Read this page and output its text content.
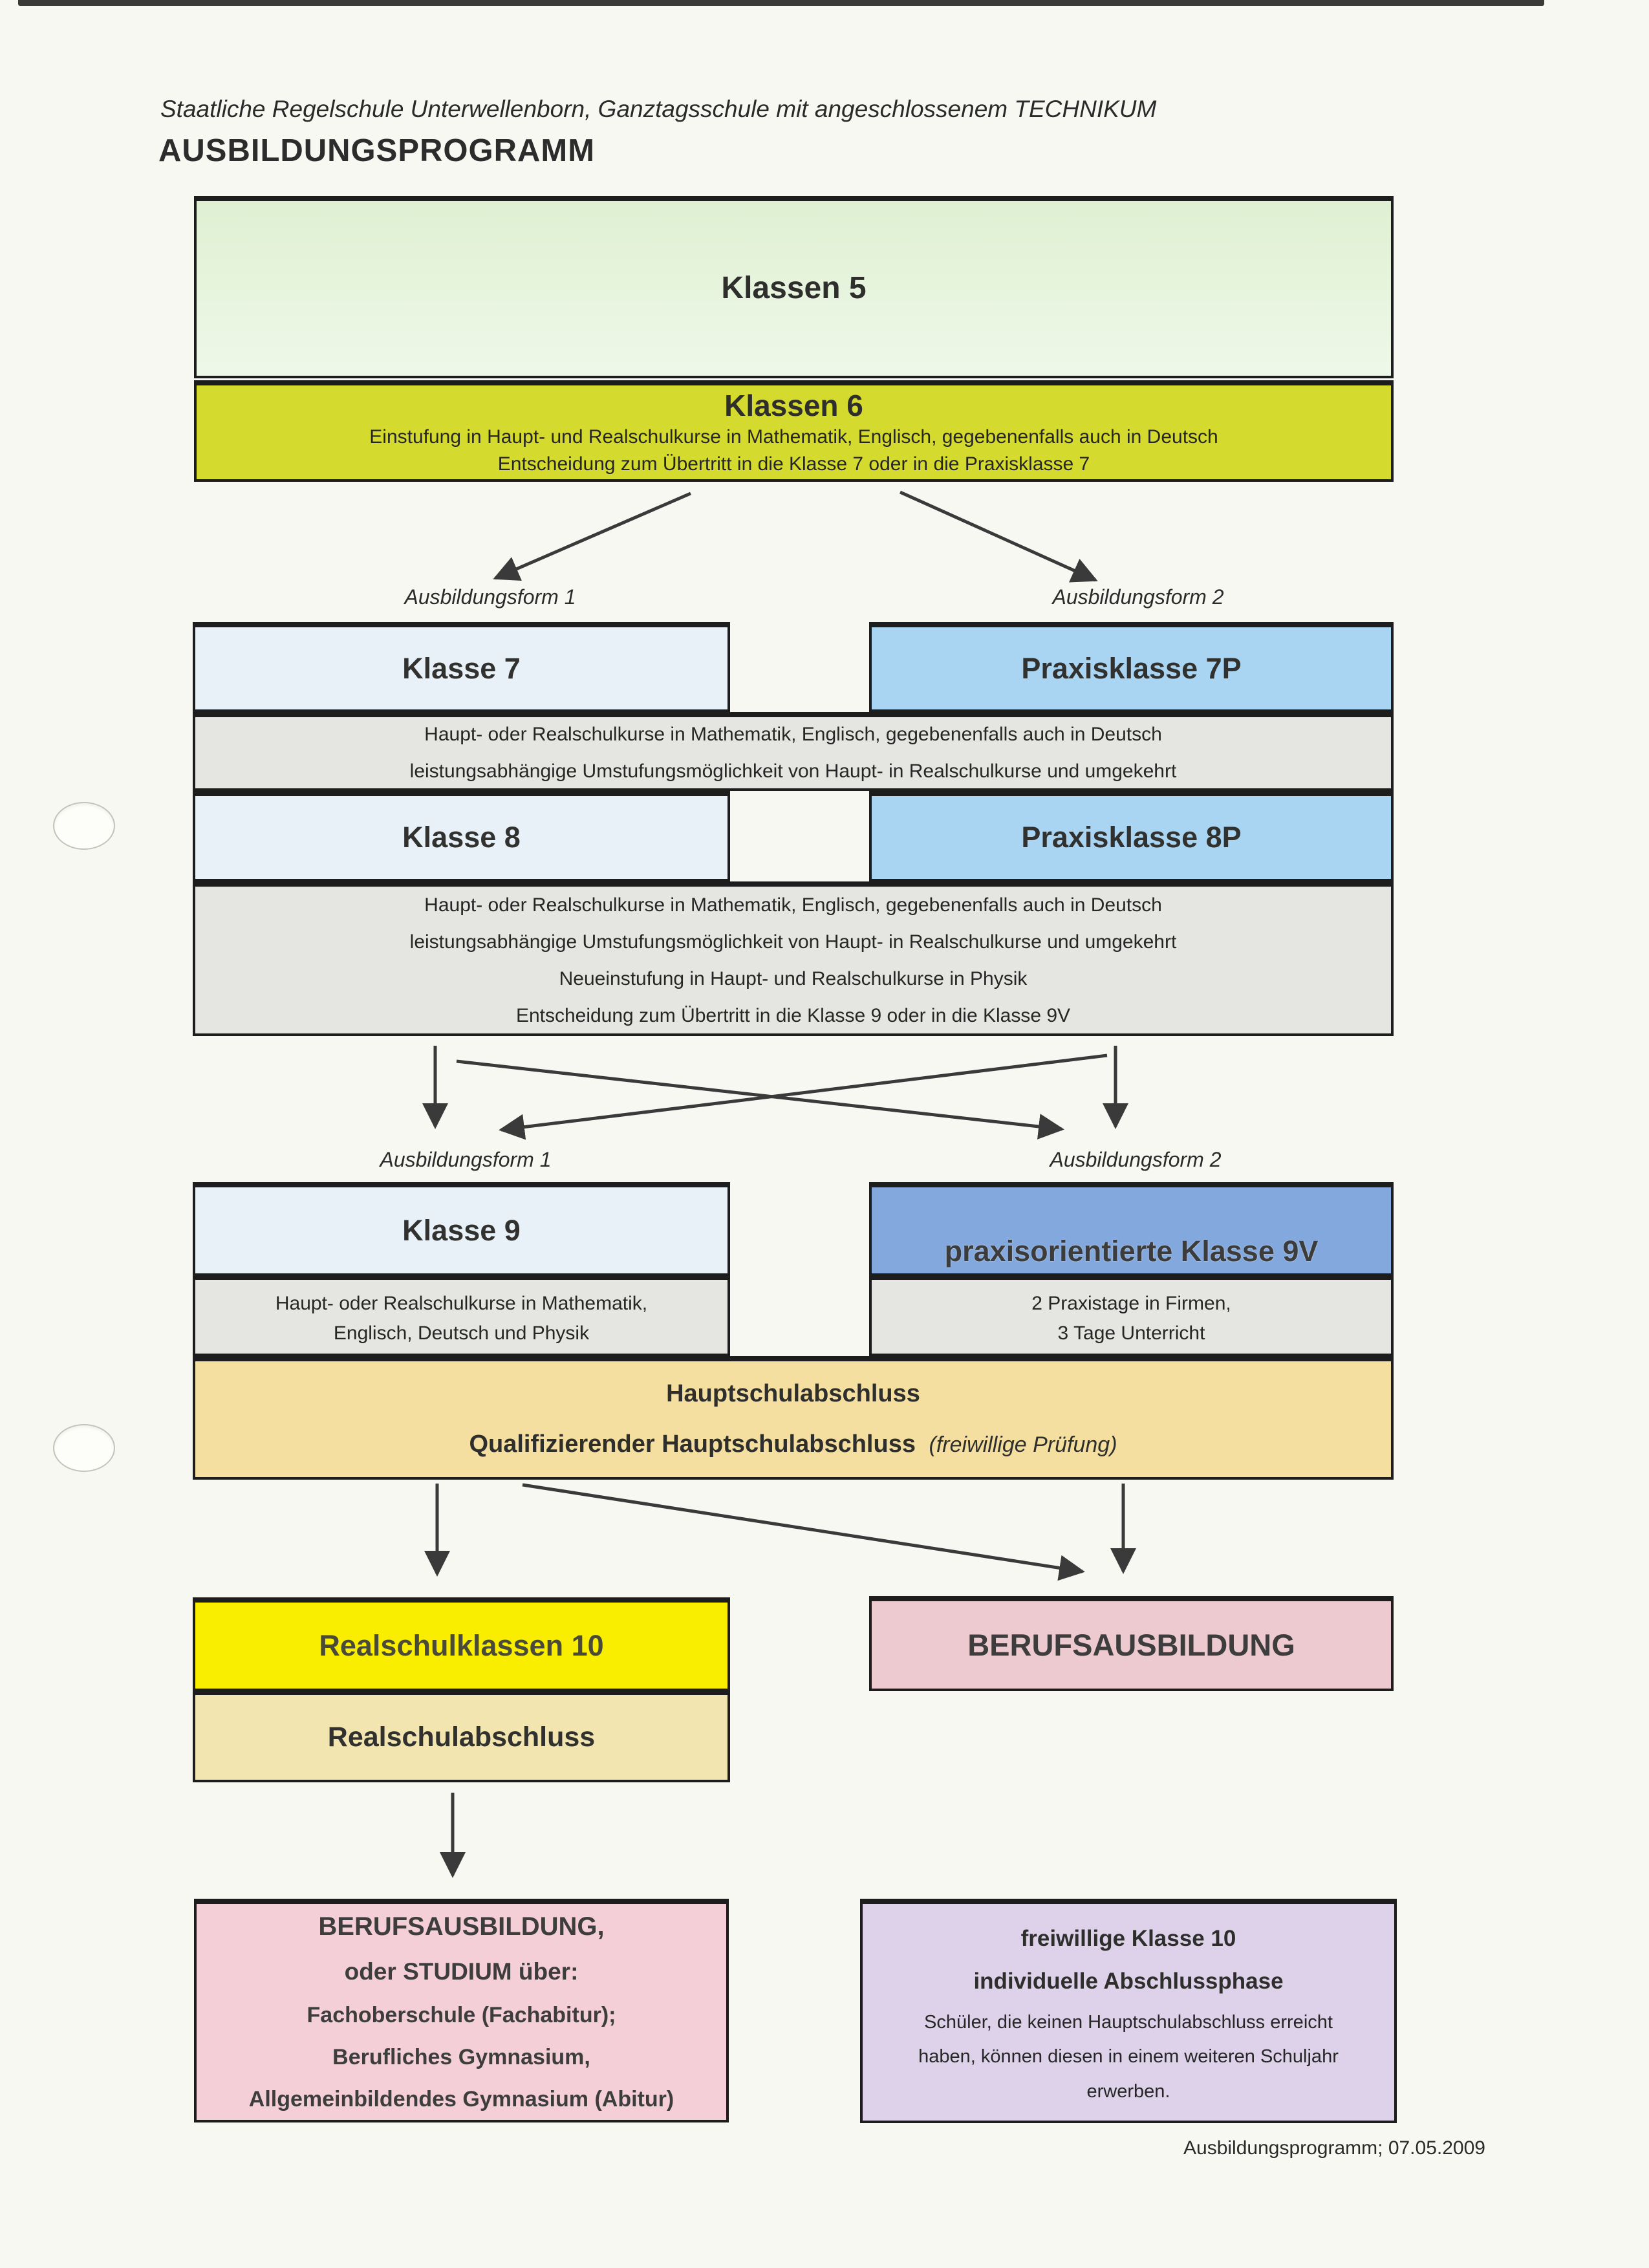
Staatliche Regelschule Unterwellenborn, Ganztagsschule mit angeschlossenem TECHNIKUM
AUSBILDUNGSPROGRAMM
Klassen 5
Klassen 6
Einstufung in Haupt- und Realschulkurse in Mathematik, Englisch, gegebenenfalls auch in Deutsch
Entscheidung zum Übertritt in die Klasse 7 oder in die Praxisklasse 7
Ausbildungsform 1	Ausbildungsform 2
Klasse 7	Praxisklasse 7P
Haupt- oder Realschulkurse in Mathematik, Englisch, gegebenenfalls auch in Deutsch
leistungsabhängige Umstufungsmöglichkeit von Haupt- in Realschulkurse und umgekehrt
Klasse 8	Praxisklasse 8P
Haupt- oder Realschulkurse in Mathematik, Englisch, gegebenenfalls auch in Deutsch
leistungsabhängige Umstufungsmöglichkeit von Haupt- in Realschulkurse und umgekehrt
Neueinstufung in Haupt- und Realschulkurse in Physik
Entscheidung zum Übertritt in die Klasse 9 oder in die Klasse 9V
Ausbildungsform 1	Ausbildungsform 2
Klasse 9
praxisorientierte Klasse 9V
Haupt- oder Realschulkurse in Mathematik,
Englisch, Deutsch und Physik
2 Praxistage in Firmen,
3 Tage Unterricht
Hauptschulabschluss
Qualifizierender Hauptschulabschluss (freiwillige Prüfung)
Realschulklassen 10	BERUFSAUSBILDUNG
Realschulabschluss
BERUFSAUSBILDUNG,
oder STUDIUM über:
Fachoberschule (Fachabitur);
Berufliches Gymnasium,
Allgemeinbildendes Gymnasium (Abitur)
freiwillige Klasse 10
individuelle Abschlussphase
Schüler, die keinen Hauptschulabschluss erreicht
haben, können diesen in einem weiteren Schuljahr
erwerben.
Ausbildungsprogramm; 07.05.2009
